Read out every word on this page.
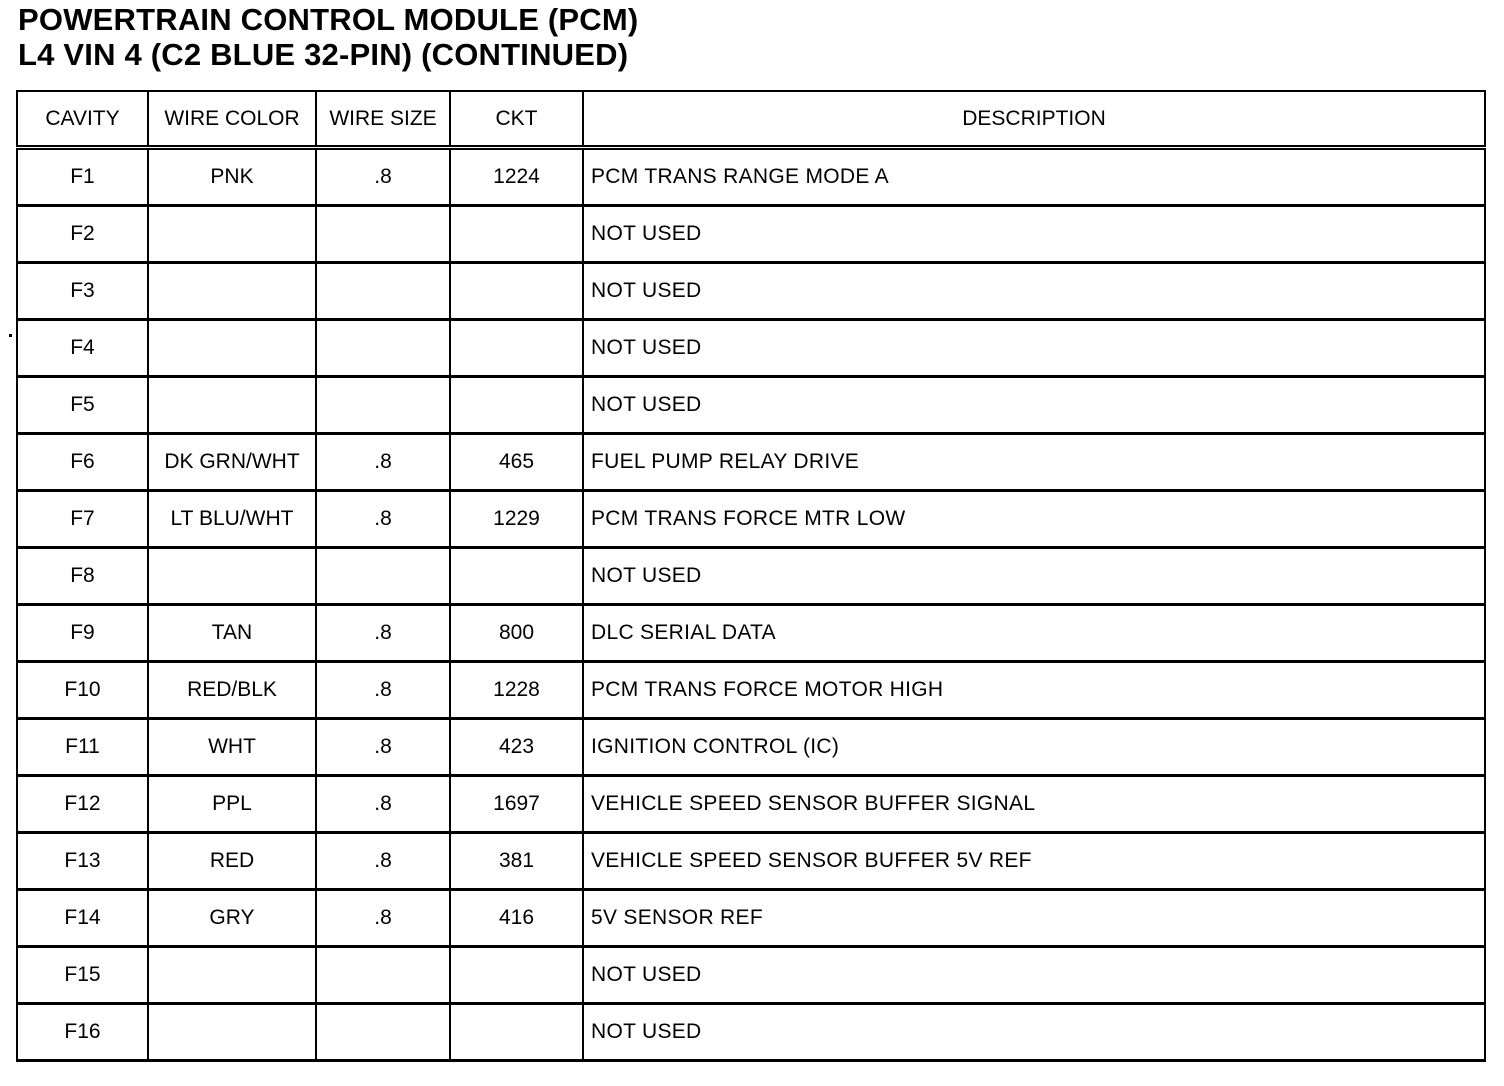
POWERTRAIN CONTROL MODULE (PCM)
L4 VIN 4 (C2 BLUE 32-PIN) (CONTINUED)
CAVITY	WIRE COLOR	WIRE SIZE	CKT	DESCRIPTION
F1	PNK	.8	1224	PCM TRANS RANGE MODE A
F2				NOT USED
F3				NOT USED
F4				NOT USED
F5				NOT USED
F6	DK GRN/WHT	.8	465	FUEL PUMP RELAY DRIVE
F7	LT BLU/WHT	.8	1229	PCM TRANS FORCE MTR LOW
F8				NOT USED
F9	TAN	.8	800	DLC SERIAL DATA
F10	RED/BLK	.8	1228	PCM TRANS FORCE MOTOR HIGH
F11	WHT	.8	423	IGNITION CONTROL (IC)
F12	PPL	.8	1697	VEHICLE SPEED SENSOR BUFFER SIGNAL
F13	RED	.8	381	VEHICLE SPEED SENSOR BUFFER 5V REF
F14	GRY	.8	416	5V SENSOR REF
F15				NOT USED
F16				NOT USED
